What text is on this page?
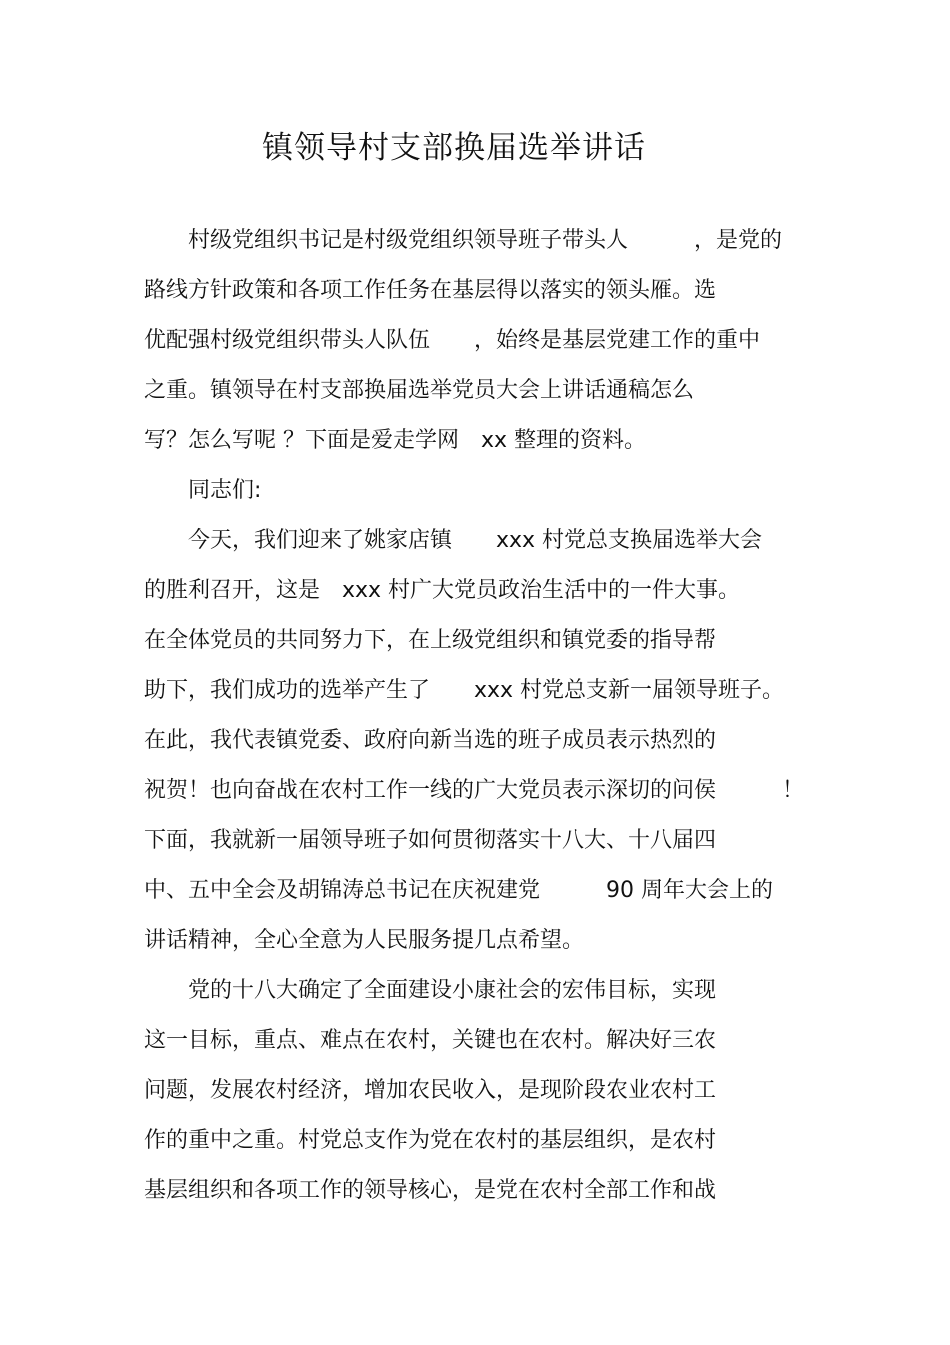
镇领导村支部换届选举讲话
　　村级党组织书记是村级党组织领导班子带头人　　　，是党的
路线方针政策和各项工作任务在基层得以落实的领头雁。选
优配强村级党组织带头人队伍　　，始终是基层党建工作的重中
之重。镇领导在村支部换届选举党员大会上讲话通稿怎么
写？怎么写呢 ？下面是爱走学网　xx 整理的资料。
　　同志们:
　　今天，我们迎来了姚家店镇　　xxx 村党总支换届选举大会
的胜利召开，这是　xxx 村广大党员政治生活中的一件大事。
在全体党员的共同努力下，在上级党组织和镇党委的指导帮
助下，我们成功的选举产生了　　xxx 村党总支新一届领导班子。
在此，我代表镇党委、政府向新当选的班子成员表示热烈的
祝贺！也向奋战在农村工作一线的广大党员表示深切的问侯　　　！
下面，我就新一届领导班子如何贯彻落实十八大、十八届四
中、五中全会及胡锦涛总书记在庆祝建党　　　90 周年大会上的
讲话精神，全心全意为人民服务提几点希望。
　　党的十八大确定了全面建设小康社会的宏伟目标，实现
这一目标，重点、难点在农村，关键也在农村。解决好三农
问题，发展农村经济，增加农民收入，是现阶段农业农村工
作的重中之重。村党总支作为党在农村的基层组织，是农村
基层组织和各项工作的领导核心，是党在农村全部工作和战
